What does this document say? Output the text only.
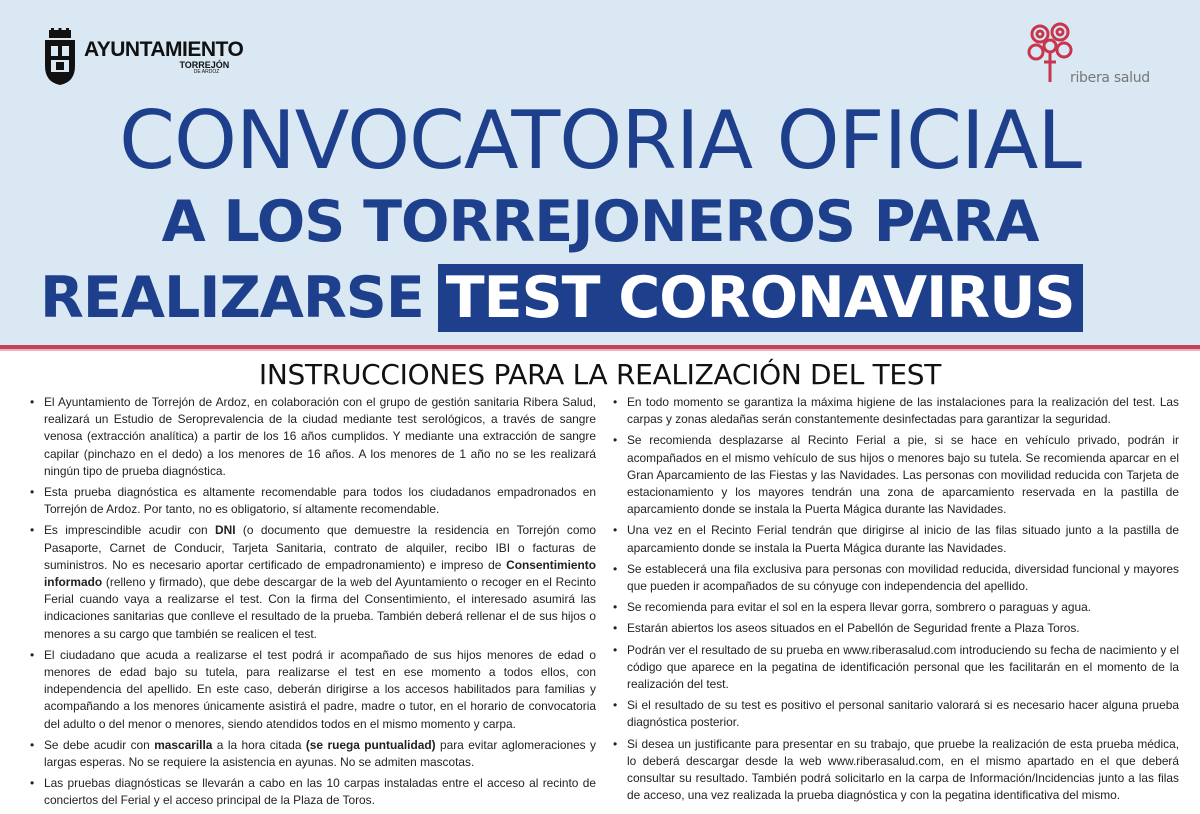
AYUNTAMIENTO
TORREJÓN
DE ARDOZ	ribera salud
CONVOCATORIA OFICIAL
A LOS TORREJONEROS PARA
REALIZARSE TEST CORONAVIRUS
INSTRUCCIONES PARA LA REALIZACIÓN DEL TEST
• El Ayuntamiento de Torrejón de Ardoz, en colaboración con el grupo de gestión sanitaria Ribera Salud, realizará un Estudio de Seroprevalencia de la ciudad mediante test serológicos, a través de sangre venosa (extracción analítica) a partir de los 16 años cumplidos. Y mediante una extracción de sangre capilar (pinchazo en el dedo) a los menores de 16 años. A los menores de 1 año no se les realizará ningún tipo de prueba diagnóstica.
• Esta prueba diagnóstica es altamente recomendable para todos los ciudadanos empadronados en Torrejón de Ardoz. Por tanto, no es obligatorio, sí altamente recomendable.
• Es imprescindible acudir con DNI (o documento que demuestre la residencia en Torrejón como Pasaporte, Carnet de Conducir, Tarjeta Sanitaria, contrato de alquiler, recibo IBI o facturas de suministros. No es necesario aportar certificado de empadronamiento) e impreso de Consentimiento informado (relleno y firmado), que debe descargar de la web del Ayuntamiento o recoger en el Recinto Ferial cuando vaya a realizarse el test. Con la firma del Consentimiento, el interesado asumirá las indicaciones sanitarias que conlleve el resultado de la prueba. También deberá rellenar el de sus hijos o menores a su cargo que también se realicen el test.
• El ciudadano que acuda a realizarse el test podrá ir acompañado de sus hijos menores de edad o menores de edad bajo su tutela, para realizarse el test en ese momento a todos ellos, con independencia del apellido. En este caso, deberán dirigirse a los accesos habilitados para familias y acompañando a los menores únicamente asistirá el padre, madre o tutor, en el horario de convocatoria del adulto o del menor o menores, siendo atendidos todos en el mismo momento y carpa.
• Se debe acudir con mascarilla a la hora citada (se ruega puntualidad) para evitar aglomeraciones y largas esperas. No se requiere la asistencia en ayunas. No se admiten mascotas.
• Las pruebas diagnósticas se llevarán a cabo en las 10 carpas instaladas entre el acceso al recinto de conciertos del Ferial y el acceso principal de la Plaza de Toros.
• En todo momento se garantiza la máxima higiene de las instalaciones para la realización del test. Las carpas y zonas aledañas serán constantemente desinfectadas para garantizar la seguridad.
• Se recomienda desplazarse al Recinto Ferial a pie, si se hace en vehículo privado, podrán ir acompañados en el mismo vehículo de sus hijos o menores bajo su tutela. Se recomienda aparcar en el Gran Aparcamiento de las Fiestas y las Navidades. Las personas con movilidad reducida con Tarjeta de estacionamiento y los mayores tendrán una zona de aparcamiento reservada en la pastilla de aparcamiento donde se instala la Puerta Mágica durante las Navidades.
• Una vez en el Recinto Ferial tendrán que dirigirse al inicio de las filas situado junto a la pastilla de aparcamiento donde se instala la Puerta Mágica durante las Navidades.
• Se establecerá una fila exclusiva para personas con movilidad reducida, diversidad funcional y mayores que pueden ir acompañados de su cónyuge con independencia del apellido.
• Se recomienda para evitar el sol en la espera llevar gorra, sombrero o paraguas y agua.
• Estarán abiertos los aseos situados en el Pabellón de Seguridad frente a Plaza Toros.
• Podrán ver el resultado de su prueba en www.riberasalud.com introduciendo su fecha de nacimiento y el código que aparece en la pegatina de identificación personal que les facilitarán en el momento de la realización del test.
• Si el resultado de su test es positivo el personal sanitario valorará si es necesario hacer alguna prueba diagnóstica posterior.
• Si desea un justificante para presentar en su trabajo, que pruebe la realización de esta prueba médica, lo deberá descargar desde la web www.riberasalud.com, en el mismo apartado en el que deberá consultar su resultado. También podrá solicitarlo en la carpa de Información/Incidencias junto a las filas de acceso, una vez realizada la prueba diagnóstica y con la pegatina identificativa del mismo.
